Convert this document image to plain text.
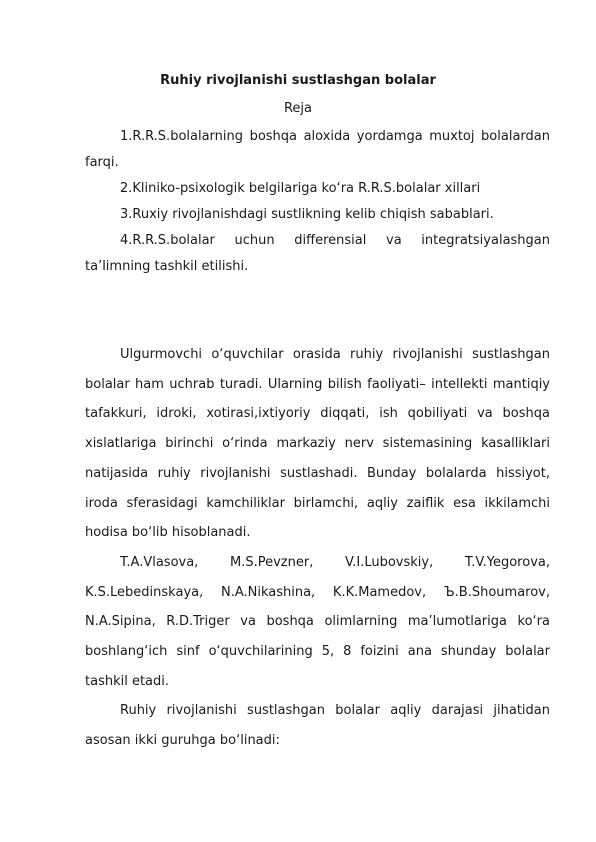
Ruhiy rivojlanishi sustlashgan bolalar
Reja

1.R.R.S.bolalarning boshqa aloxida yordamga muxtoj bolalardan farqi.

2.Kliniko-psixologik belgilariga ko‘ra R.R.S.bolalar xillari

3.Ruxiy rivojlanishdagi sustlikning kelib chiqish sabablari.

4.R.R.S.bolalar uchun differensial va integratsiyalashgan ta’limning tashkil etilishi.

Ulgurmovchi o‘quvchilar orasida ruhiy rivojlanishi sustlashgan bolalar ham uchrab turadi. Ularning bilish faoliyati– intellekti mantiqiy tafakkuri, idroki, xotirasi,ixtiyoriy diqqati, ish qobiliyati va boshqa xislatlariga birinchi o‘rinda markaziy nerv sistemasining kasalliklari natijasida ruhiy rivojlanishi sustlashadi. Bunday bolalarda hissiyot, iroda sferasidagi kamchiliklar birlamchi, aqliy zaiflik esa ikkilamchi hodisa bo‘lib hisoblanadi.

T.A.Vlasova, M.S.Pevzner, V.I.Lubovskiy, T.V.Yegorova, K.S.Lebedinskaya, N.A.Nikashina, K.K.Mamedov, Ъ.B.Shoumarov, N.A.Sipina, R.D.Triger va boshqa olimlarning ma’lumotlariga ko‘ra boshlang‘ich sinf o‘quvchilarining 5, 8 foizini ana shunday bolalar tashkil etadi.

Ruhiy rivojlanishi sustlashgan bolalar aqliy darajasi jihatidan asosan ikki guruhga bo‘linadi:
